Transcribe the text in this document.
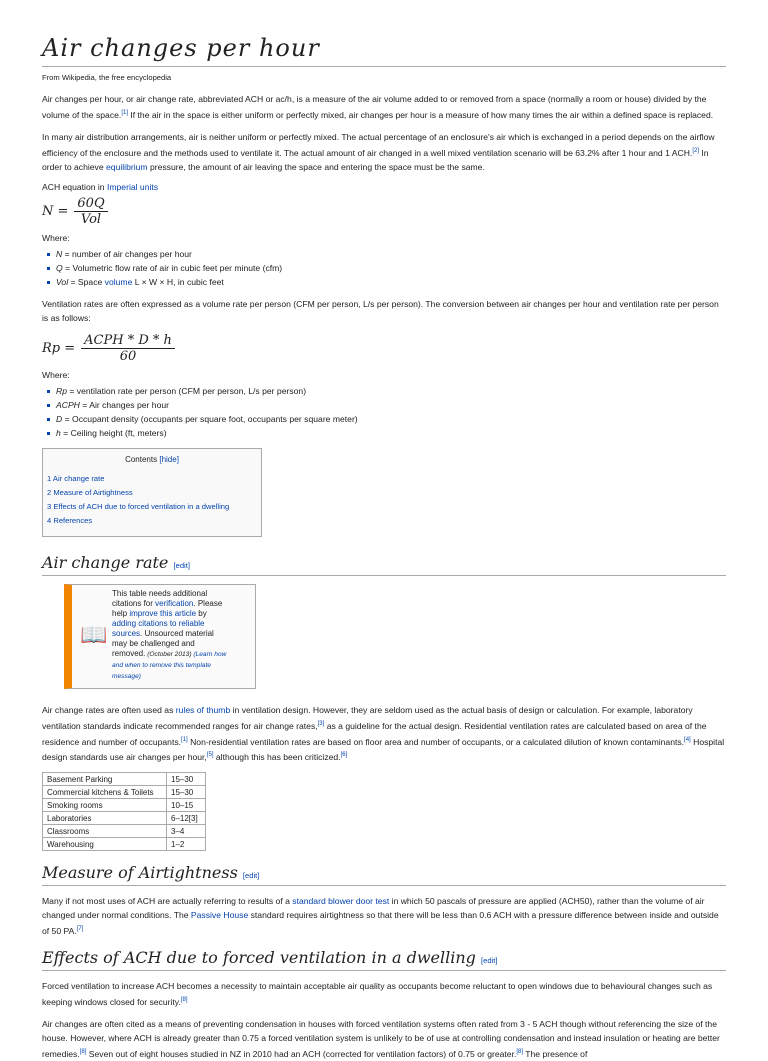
Air changes per hour
From Wikipedia, the free encyclopedia

Air changes per hour, or air change rate, abbreviated ACH or ac/h, is a measure of the air volume added to or removed from a space (normally a room or house) divided by the volume of the space.[1] If the air in the space is either uniform or perfectly mixed, air changes per hour is a measure of how many times the air within a defined space is replaced.

In many air distribution arrangements, air is neither uniform or perfectly mixed. The actual percentage of an enclosure's air which is exchanged in a period depends on the airflow efficiency of the enclosure and the methods used to ventilate it. The actual amount of air changed in a well mixed ventilation scenario will be 63.2% after 1 hour and 1 ACH.[2] In order to achieve equilibrium pressure, the amount of air leaving the space and entering the space must be the same.

ACH equation in Imperial units
$N = \frac{60Q}{\text{Vol}}$
Where:
N = number of air changes per hour
Q = Volumetric flow rate of air in cubic feet per minute (cfm)
Vol = Space volume L × W × H, in cubic feet

Ventilation rates are often expressed as a volume rate per person (CFM per person, L/s per person). The conversion between air changes per hour and ventilation rate per person is as follows:

$Rp = \frac{\text{ACPH * D * h}}{60}$
Where:
Rp = ventilation rate per person (CFM per person, L/s per person)
ACPH = Air changes per hour
D = Occupant density (occupants per square foot, occupants per square meter)
h = Ceiling height (ft, meters)
Contents [hide]
1 Air change rate
2 Measure of Airtightness
3 Effects of ACH due to forced ventilation in a dwelling
4 References
Air change rate [edit]
📖
This table needs additional citations for verification. Please help improve this article by adding citations to reliable sources. Unsourced material may be challenged and removed. (October 2013) (Learn how and when to remove this template message)

Air change rates are often used as rules of thumb in ventilation design. However, they are seldom used as the actual basis of design or calculation. For example, laboratory ventilation standards indicate recommended ranges for air change rates,[3] as a guideline for the actual design. Residential ventilation rates are calculated based on area of the residence and number of occupants.[1] Non-residential ventilation rates are based on floor area and number of occupants, or a calculated dilution of known contaminants.[4] Hospital design standards use air changes per hour,[5] although this has been criticized.[6]

Basement Parking	15–30
Commercial kitchens & Toilets	15–30
Smoking rooms	10–15
Laboratories	6–12[3]
Classrooms	3–4
Warehousing	1–2
Measure of Airtightness [edit]

Many if not most uses of ACH are actually referring to results of a standard blower door test in which 50 pascals of pressure are applied (ACH50), rather than the volume of air changed under normal conditions. The Passive House standard requires airtightness so that there will be less than 0.6 ACH with a pressure difference between inside and outside of 50 PA.[7]

Effects of ACH due to forced ventilation in a dwelling [edit]

Forced ventilation to increase ACH becomes a necessity to maintain acceptable air quality as occupants become reluctant to open windows due to behavioural changes such as keeping windows closed for security.[8]

Air changes are often cited as a means of preventing condensation in houses with forced ventilation systems often rated from 3 - 5 ACH though without referencing the size of the house. However, where ACH is already greater than 0.75 a forced ventilation system is unlikely to be of use at controlling condensation and instead insulation or heating are better remedies.[8] Seven out of eight houses studied in NZ in 2010 had an ACH (corrected for ventilation factors) of 0.75 or greater.[8] The presence of
